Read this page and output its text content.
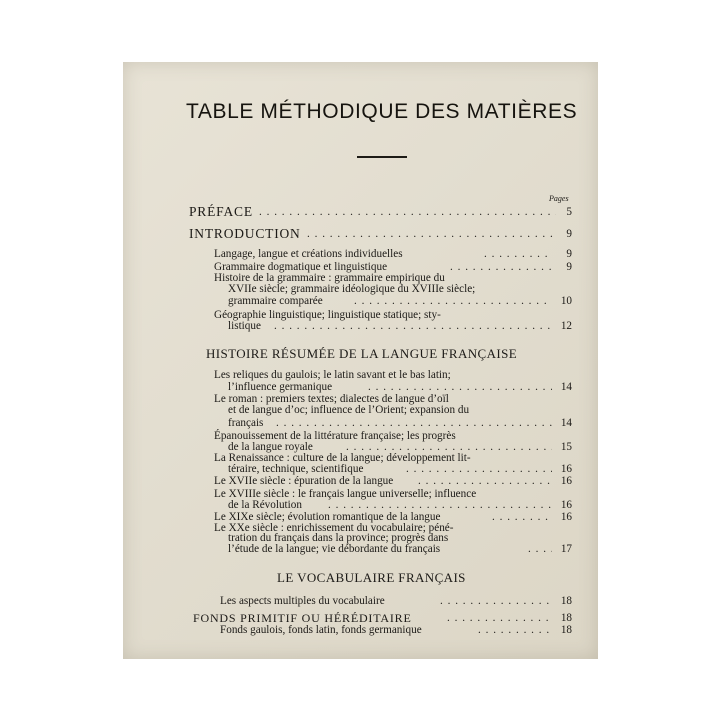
TABLE MÉTHODIQUE DES MATIÈRES
Pages
. . .
PRÉFACE	5
. . .
INTRODUCTION	9
. . .
Langage, langue et créations individuelles	9
. . .
Grammaire dogmatique et linguistique	9
Histoire de la grammaire : grammaire empirique du
XVIIe siècle; grammaire idéologique du XVIIIe siècle;
. . .
grammaire comparée	10
Géographie linguistique; linguistique statique; sty-
. . .
listique	12
HISTOIRE RÉSUMÉE DE LA LANGUE FRANÇAISE
Les reliques du gaulois; le latin savant et le bas latin;
. . .
l’influence germanique	14
Le roman : premiers textes; dialectes de langue d’oïl
et de langue d’oc; influence de l’Orient; expansion du
. . .
français	14
Épanouissement de la littérature française; les progrès
. . .
de la langue royale	15
La Renaissance : culture de la langue; développement lit-
. . .
téraire, technique, scientifique	16
. . .
Le XVIIe siècle : épuration de la langue	16
Le XVIIIe siècle : le français langue universelle; influence
. . .
de la Révolution	16
. . .
Le XIXe siècle; évolution romantique de la langue	16
Le XXe siècle : enrichissement du vocabulaire; péné-
tration du français dans la province; progrès dans
. . .
l’étude de la langue; vie débordante du français	17
LE VOCABULAIRE FRANÇAIS
. . .
Les aspects multiples du vocabulaire	18
. . .
FONDS PRIMITIF OU HÉRÉDITAIRE	18
. . .
Fonds gaulois, fonds latin, fonds germanique	18
